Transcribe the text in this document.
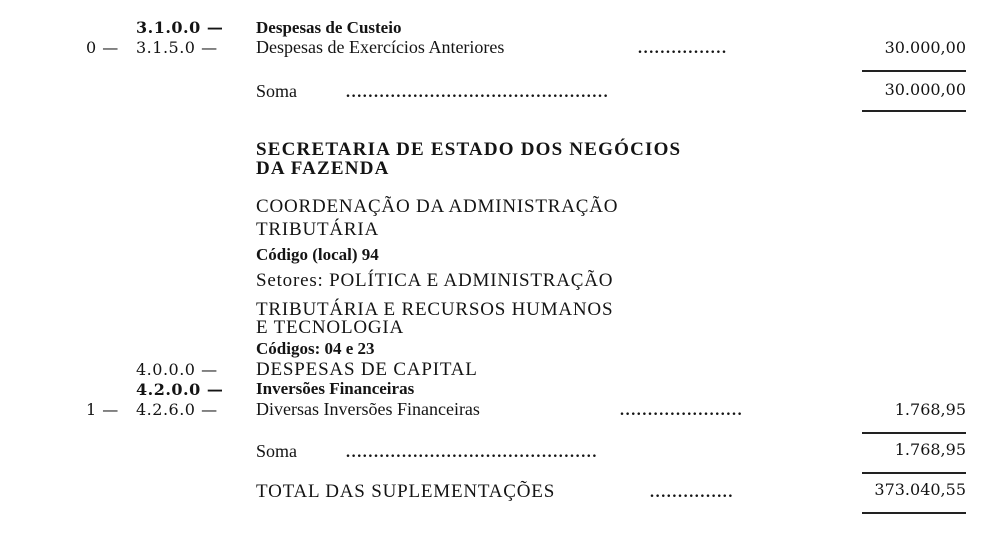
3.1.0.0 — Despesas de Custeio
0 — 3.1.5.0 — Despesas de Exercícios Anteriores	................	30.000,00
Soma	...............................................	30.000,00
SECRETARIA DE ESTADO DOS NEGÓCIOS
DA FAZENDA
COORDENAÇÃO DA ADMINISTRAÇÃO
TRIBUTÁRIA
Código (local) 94
Setores: POLÍTICA E ADMINISTRAÇÃO
TRIBUTÁRIA E RECURSOS HUMANOS
E TECNOLOGIA
Códigos: 04 e 23
4.0.0.0 — DESPESAS DE CAPITAL
4.2.0.0 — Inversões Financeiras
1 — 4.2.6.0 — Diversas Inversões Financeiras	......................	1.768,95
Soma	.............................................	1.768,95
TOTAL DAS SUPLEMENTAÇÕES	...............	373.040,55
